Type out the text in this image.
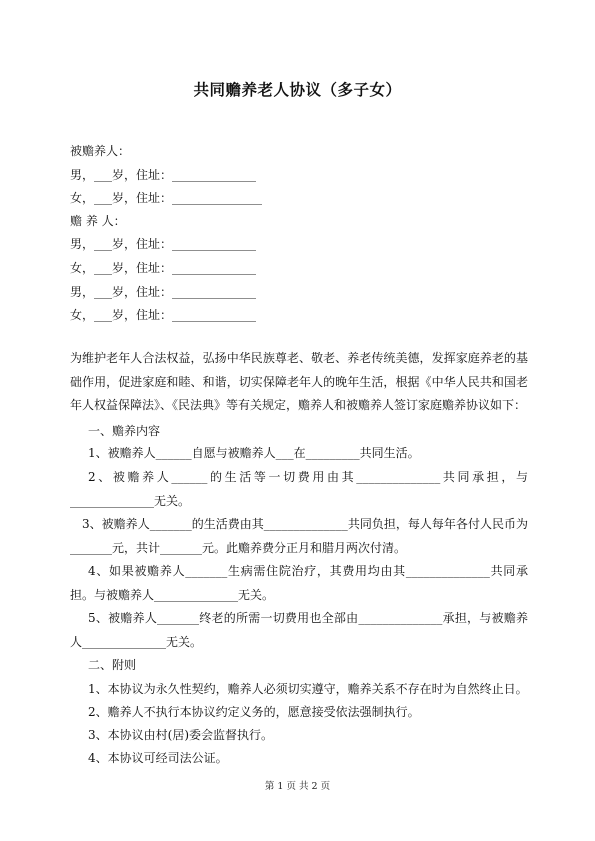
共同赡养老人协议（多子女）
被赡养人：
男，___岁，住址：______________
女，___岁，住址：_______________
赡 养 人：
男，___岁，住址：______________
女，___岁，住址：______________
男，___岁，住址：______________
女，___岁，住址：______________
为维护老年人合法权益，弘扬中华民族尊老、敬老、养老传统美德，发挥家庭养老的基础作用，促进家庭和睦、和谐，切实保障老年人的晚年生活，根据《中华人民共和国老年人权益保障法》、《民法典》等有关规定，赡养人和被赡养人签订家庭赡养协议如下：
一、赡养内容
1、被赡养人______自愿与被赡养人___在_________共同生活。
2、被赡养人______的生活等一切费用由其______________共同承担，与______________无关。
3、被赡养人_______的生活费由其______________共同负担，每人每年各付人民币为_______元，共计_______元。此赡养费分正月和腊月两次付清。
4、如果被赡养人_______生病需住院治疗，其费用均由其______________共同承担。与被赡养人______________无关。
5、被赡养人_______终老的所需一切费用也全部由______________承担，与被赡养人______________无关。
二、附则
1、本协议为永久性契约，赡养人必须切实遵守，赡养关系不存在时为自然终止日。
2、赡养人不执行本协议约定义务的，愿意接受依法强制执行。
3、本协议由村(居)委会监督执行。
4、本协议可经司法公证。
第 1 页 共 2 页
